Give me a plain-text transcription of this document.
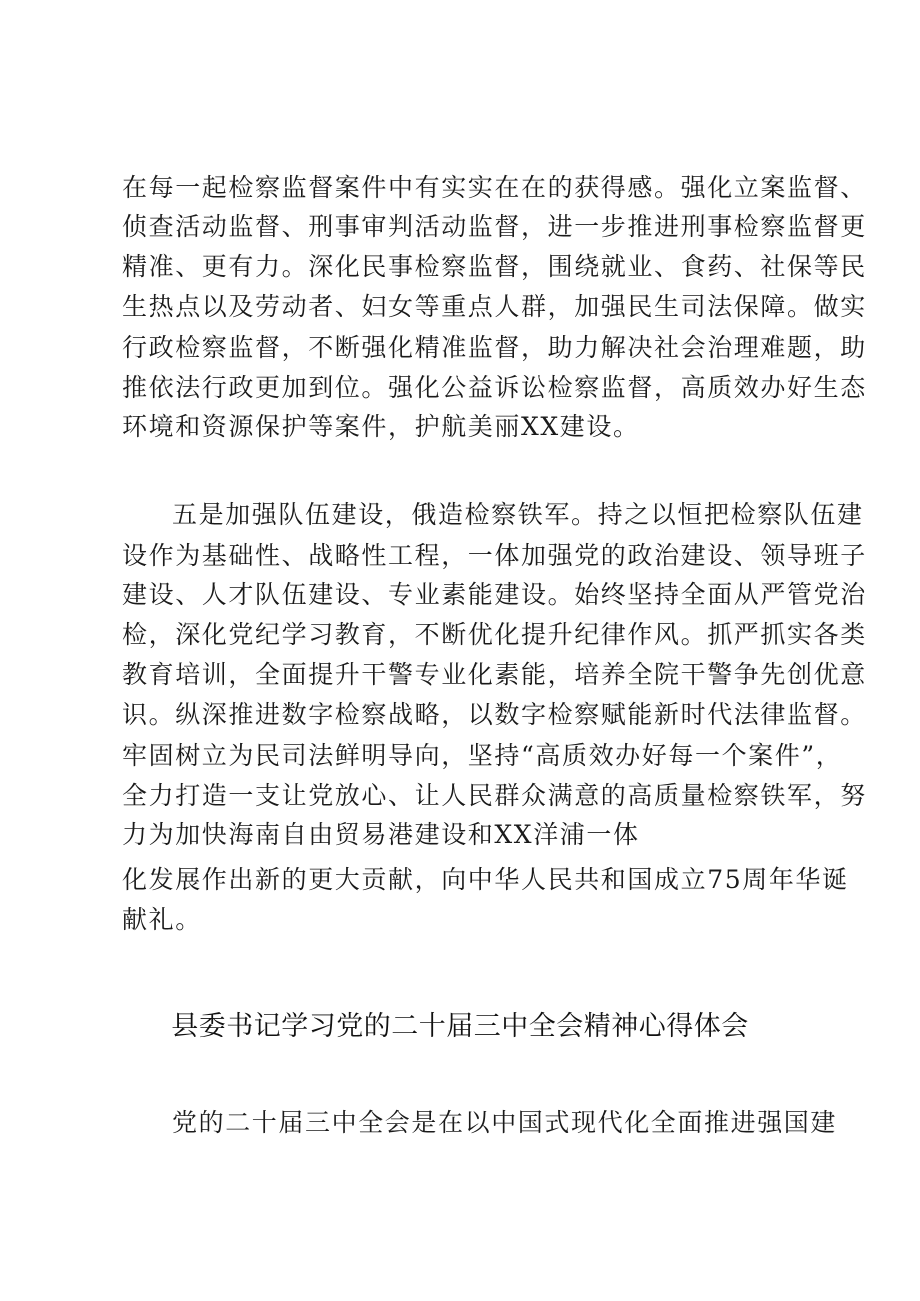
在每一起检察监督案件中有实实在在的获得感。强化立案监督、
侦查活动监督、刑事审判活动监督，进一步推进刑事检察监督更
精准、更有力。深化民事检察监督，围绕就业、食药、社保等民
生热点以及劳动者、妇女等重点人群，加强民生司法保障。做实
行政检察监督，不断强化精准监督，助力解决社会治理难题，助
推依法行政更加到位。强化公益诉讼检察监督，高质效办好生态
环境和资源保护等案件，护航美丽XX建设。
五是加强队伍建设，俄造检察铁军。持之以恒把检察队伍建
设作为基础性、战略性工程，一体加强党的政治建设、领导班子
建设、人才队伍建设、专业素能建设。始终坚持全面从严管党治
检，深化党纪学习教育，不断优化提升纪律作风。抓严抓实各类
教育培训，全面提升干警专业化素能，培养全院干警争先创优意
识。纵深推进数字检察战略，以数字检察赋能新时代法律监督。
牢固树立为民司法鲜明导向，坚持“高质效办好每一个案件”，
全力打造一支让党放心、让人民群众满意的高质量检察铁军，努
力为加快海南自由贸易港建设和XX洋浦一体
化发展作出新的更大贡献，向中华人民共和国成立75周年华诞
献礼。
县委书记学习党的二十届三中全会精神心得体会
党的二十届三中全会是在以中国式现代化全面推进强国建
